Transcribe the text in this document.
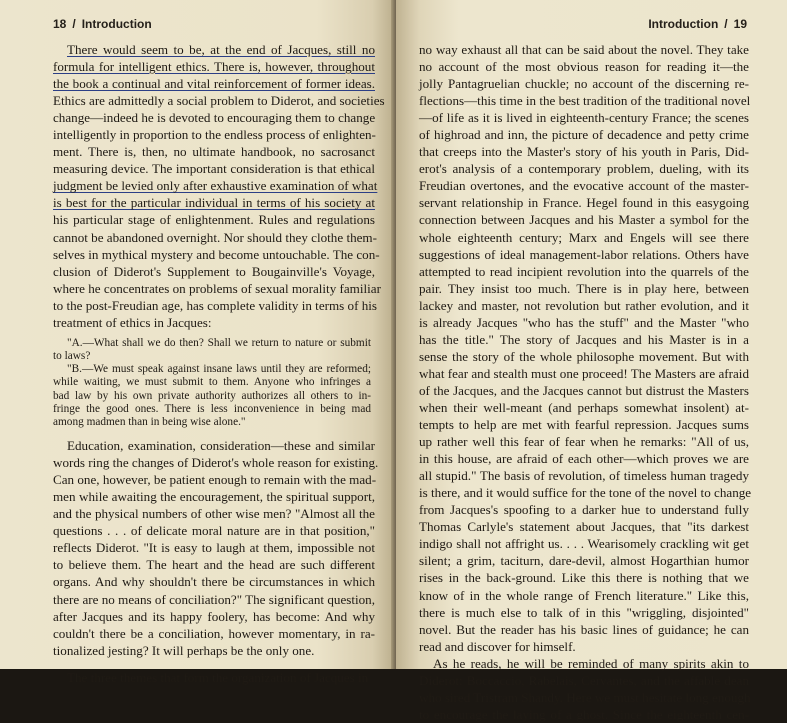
18 / Introduction
There would seem to be, at the end of Jacques, still no
formula for intelligent ethics. There is, however, throughout
the book a continual and vital reinforcement of former ideas.
Ethics are admittedly a social problem to Diderot, and societies
change—indeed he is devoted to encouraging them to change
intelligently in proportion to the endless process of enlighten-
ment. There is, then, no ultimate handbook, no sacrosanct
measuring device. The important consideration is that ethical
judgment be levied only after exhaustive examination of what
is best for the particular individual in terms of his society at
his particular stage of enlightenment. Rules and regulations
cannot be abandoned overnight. Nor should they clothe them-
selves in mythical mystery and become untouchable. The con-
clusion of Diderot's Supplement to Bougainville's Voyage,
where he concentrates on problems of sexual morality familiar
to the post-Freudian age, has complete validity in terms of his
treatment of ethics in Jacques:
"A.—What shall we do then? Shall we return to nature or submit
to laws?
"B.—We must speak against insane laws until they are reformed;
while waiting, we must submit to them. Anyone who infringes a
bad law by his own private authority authorizes all others to in-
fringe the good ones. There is less inconvenience in being mad
among madmen than in being wise alone."
Education, examination, consideration—these and similar
words ring the changes of Diderot's whole reason for existing.
Can one, however, be patient enough to remain with the mad-
men while awaiting the encouragement, the spiritual support,
and the physical numbers of other wise men? "Almost all the
questions . . . of delicate moral nature are in that position,"
reflects Diderot. "It is easy to laugh at them, impossible not
to believe them. The heart and the head are such different
organs. And why shouldn't there be circumstances in which
there are no means of conciliation?" The significant question,
after Jacques and its happy foolery, has become: And why
couldn't there be a conciliation, however momentary, in ra-
tionalized jesting? It will perhaps be the only one.
The three themes that form the organization of Jacques in
Introduction / 19
no way exhaust all that can be said about the novel. They take
no account of the most obvious reason for reading it—the
jolly Pantagruelian chuckle; no account of the discerning re-
flections—this time in the best tradition of the traditional novel
—of life as it is lived in eighteenth-century France; the scenes
of highroad and inn, the picture of decadence and petty crime
that creeps into the Master's story of his youth in Paris, Did-
erot's analysis of a contemporary problem, dueling, with its
Freudian overtones, and the evocative account of the master-
servant relationship in France. Hegel found in this easygoing
connection between Jacques and his Master a symbol for the
whole eighteenth century; Marx and Engels will see there
suggestions of ideal management-labor relations. Others have
attempted to read incipient revolution into the quarrels of the
pair. They insist too much. There is in play here, between
lackey and master, not revolution but rather evolution, and it
is already Jacques "who has the stuff" and the Master "who
has the title." The story of Jacques and his Master is in a
sense the story of the whole philosophe movement. But with
what fear and stealth must one proceed! The Masters are afraid
of the Jacques, and the Jacques cannot but distrust the Masters
when their well-meant (and perhaps somewhat insolent) at-
tempts to help are met with fearful repression. Jacques sums
up rather well this fear of fear when he remarks: "All of us,
in this house, are afraid of each other—which proves we are
all stupid." The basis of revolution, of timeless human tragedy
is there, and it would suffice for the tone of the novel to change
from Jacques's spoofing to a darker hue to understand fully
Thomas Carlyle's statement about Jacques, that "its darkest
indigo shall not affright us. . . . Wearisomely crackling wit get
silent; a grim, taciturn, dare-devil, almost Hogarthian humor
rises in the back-ground. Like this there is nothing that we
know of in the whole range of French literature." Like this,
there is much else to talk of in this "wriggling, disjointed"
novel. But the reader has his basic lines of guidance; he can
read and discover for himself.
As he reads, he will be reminded of many spirits akin to
Diderot: Boccaccio, Rabelais, Cervantes, and the affable dean
who sired Tristram Shandy. Here we must hesitate long enough
to encourage the laying of a ghost. Since the eighteenth cen-
